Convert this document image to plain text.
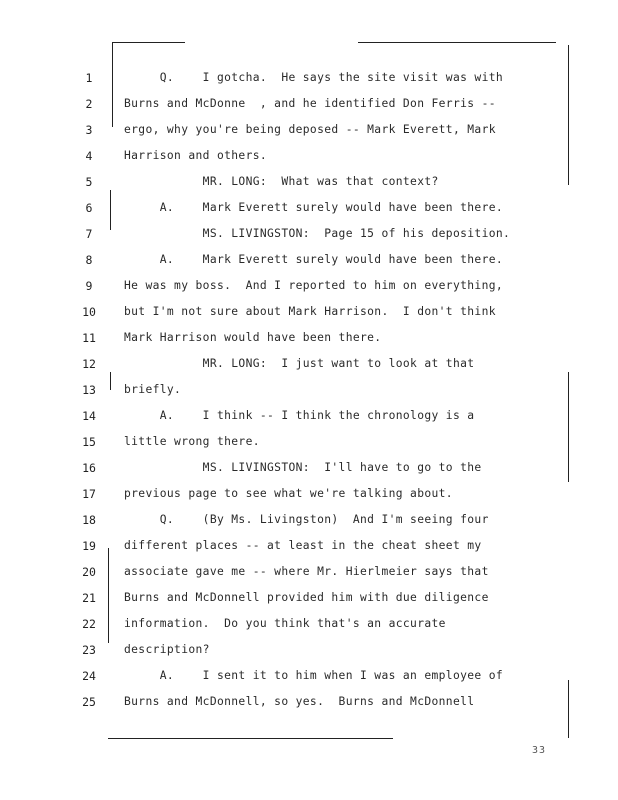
1	Q.    I gotcha.  He says the site visit was with
2	Burns and McDonne  , and he identified Don Ferris --
3	ergo, why you're being deposed -- Mark Everett, Mark
4	Harrison and others.
5	MR. LONG:  What was that context?
6	A.    Mark Everett surely would have been there.
7	MS. LIVINGSTON:  Page 15 of his deposition.
8	A.    Mark Everett surely would have been there.
9	He was my boss.  And I reported to him on everything,
10	but I'm not sure about Mark Harrison.  I don't think
11	Mark Harrison would have been there.
12	MR. LONG:  I just want to look at that
13	briefly.
14	A.    I think -- I think the chronology is a
15	little wrong there.
16	MS. LIVINGSTON:  I'll have to go to the
17	previous page to see what we're talking about.
18	Q.    (By Ms. Livingston)  And I'm seeing four
19	different places -- at least in the cheat sheet my
20	associate gave me -- where Mr. Hierlmeier says that
21	Burns and McDonnell provided him with due diligence
22	information.  Do you think that's an accurate
23	description?
24	A.    I sent it to him when I was an employee of
25	Burns and McDonnell, so yes.  Burns and McDonnell
33
